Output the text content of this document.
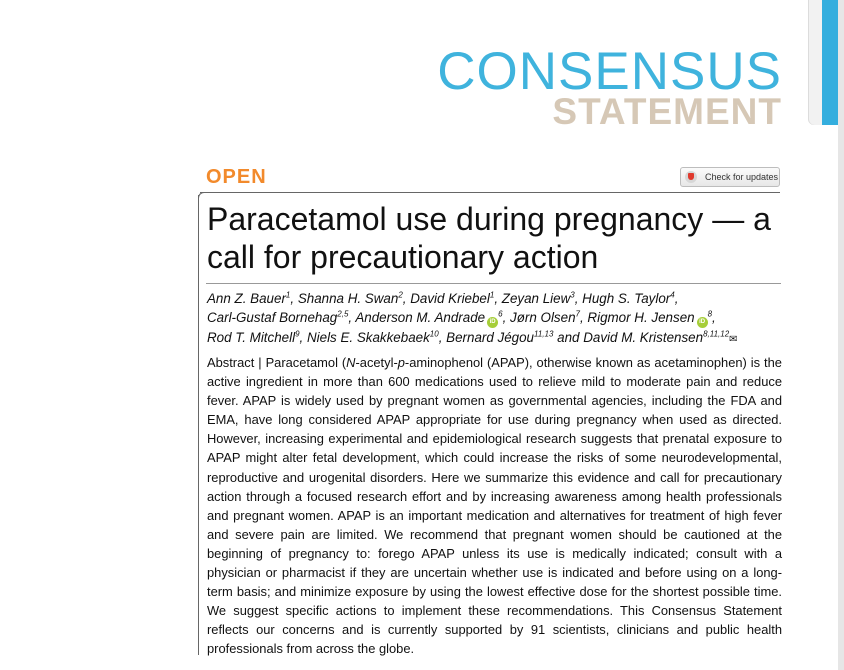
CONSENSUS
STATEMENT
OPEN	Check for updates
Paracetamol use during pregnancy — a call for precautionary action
Ann Z. Bauer$^1$, Shanna H. Swan$^2$, David Kriebel$^1$, Zeyan Liew$^3$, Hugh S. Taylor$^4$,
Carl-Gustaf Bornehag$^{2,5}$, Anderson M. Andrade $iD^6$, Jørn Olsen$^7$, Rigmor H. Jensen $iD^8$,
Rod T. Mitchell$^9$, Niels E. Skakkebaek$^{10}$, Bernard Jégou$^{11,13}$ and David M. Kristensen$^{8,11,12}$✉

Abstract | Paracetamol (N-acetyl-p-aminophenol (APAP), otherwise known as acetaminophen) is the active ingredient in more than 600 medications used to relieve mild to moderate pain and reduce fever. APAP is widely used by pregnant women as governmental agencies, including the FDA and EMA, have long considered APAP appropriate for use during pregnancy when used as directed. However, increasing experimental and epidemiological research suggests that prenatal exposure to APAP might alter fetal development, which could increase the risks of some neurodevelopmental, reproductive and urogenital disorders. Here we summarize this evidence and call for precautionary action through a focused research effort and by increasing awareness among health professionals and pregnant women. APAP is an important medication and alternatives for treatment of high fever and severe pain are limited. We recommend that pregnant women should be cautioned at the beginning of pregnancy to: forego APAP unless its use is medically indicated; consult with a physician or pharmacist if they are uncertain whether use is indicated and before using on a long-term basis; and minimize exposure by using the lowest effective dose for the shortest possible time. We suggest specific actions to implement these recommendations. This Consensus Statement reflects our concerns and is currently supported by 91 scientists, clinicians and public health professionals from across the globe.
